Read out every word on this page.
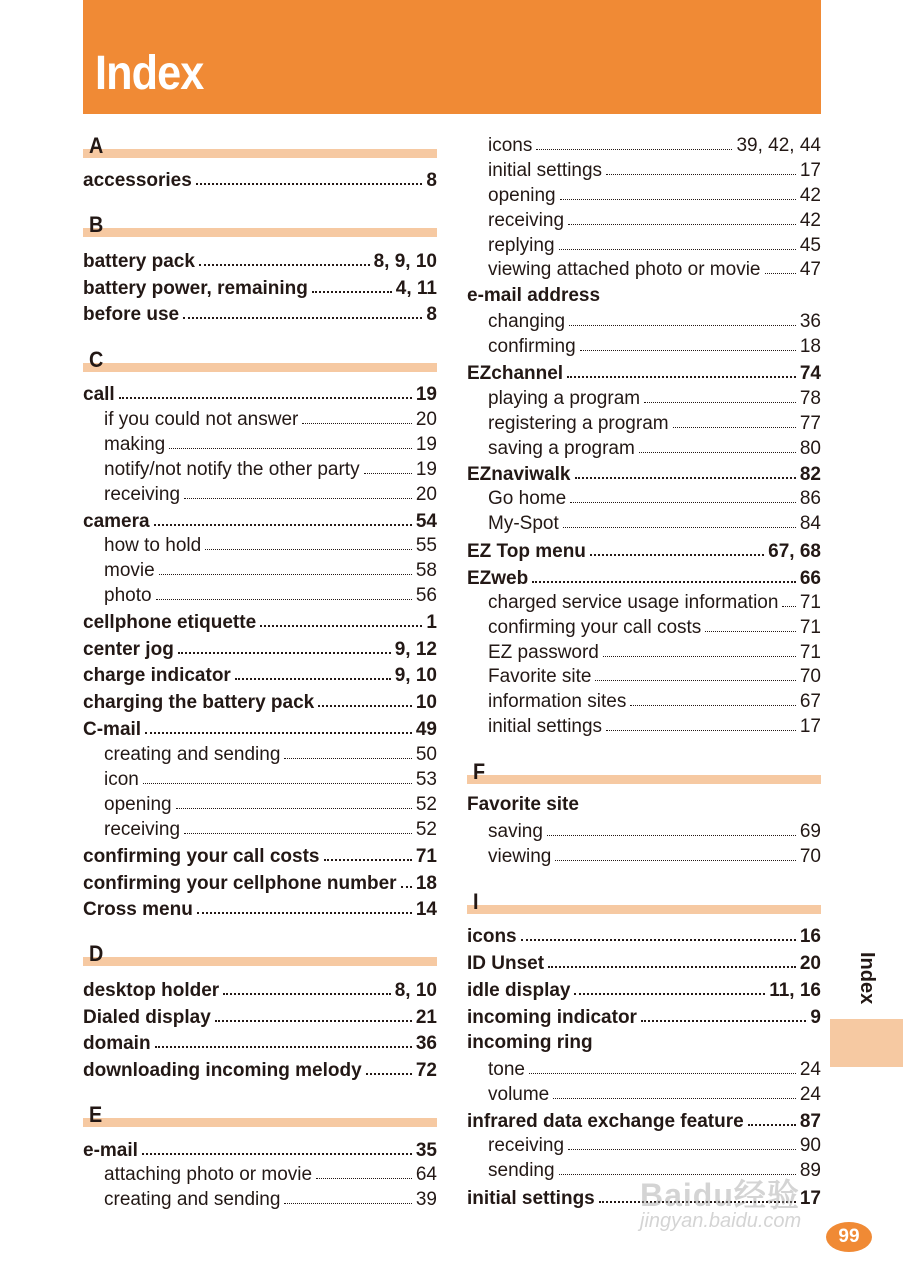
Index
A
accessories	8
B
battery pack	8, 9, 10
battery power, remaining	4, 11
before use	8
C
call	19
if you could not answer	20
making	19
notify/not notify the other party	19
receiving	20
camera	54
how to hold	55
movie	58
photo	56
cellphone etiquette	1
center jog	9, 12
charge indicator	9, 10
charging the battery pack	10
C-mail	49
creating and sending	50
icon	53
opening	52
receiving	52
confirming your call costs	71
confirming your cellphone number 18
Cross menu	14
D
desktop holder	8, 10
Dialed display	21
domain	36
downloading incoming melody	72
E
e-mail	35
attaching photo or movie	64
creating and sending	39
icons	39, 42, 44
initial settings	17
opening	42
receiving	42
replying	45
viewing attached photo or movie 47
e-mail address
changing	36
confirming	18
EZchannel	74
playing a program	78
registering a program	77
saving a program	80
EZnaviwalk	82
Go home	86
My-Spot	84
EZ Top menu	67, 68
EZweb	66
charged service usage information 71
confirming your call costs	71
EZ password	71
Favorite site	70
information sites	67
initial settings	17
F
Favorite site
saving	69
viewing	70
I
icons	16
ID Unset	20
idle display	11, 16
incoming indicator	9
incoming ring
tone	24
volume	24
infrared data exchange feature	87
receiving	90
sending	89
initial settings	17
Index
Baidu经验
jingyan.baidu.com
99
